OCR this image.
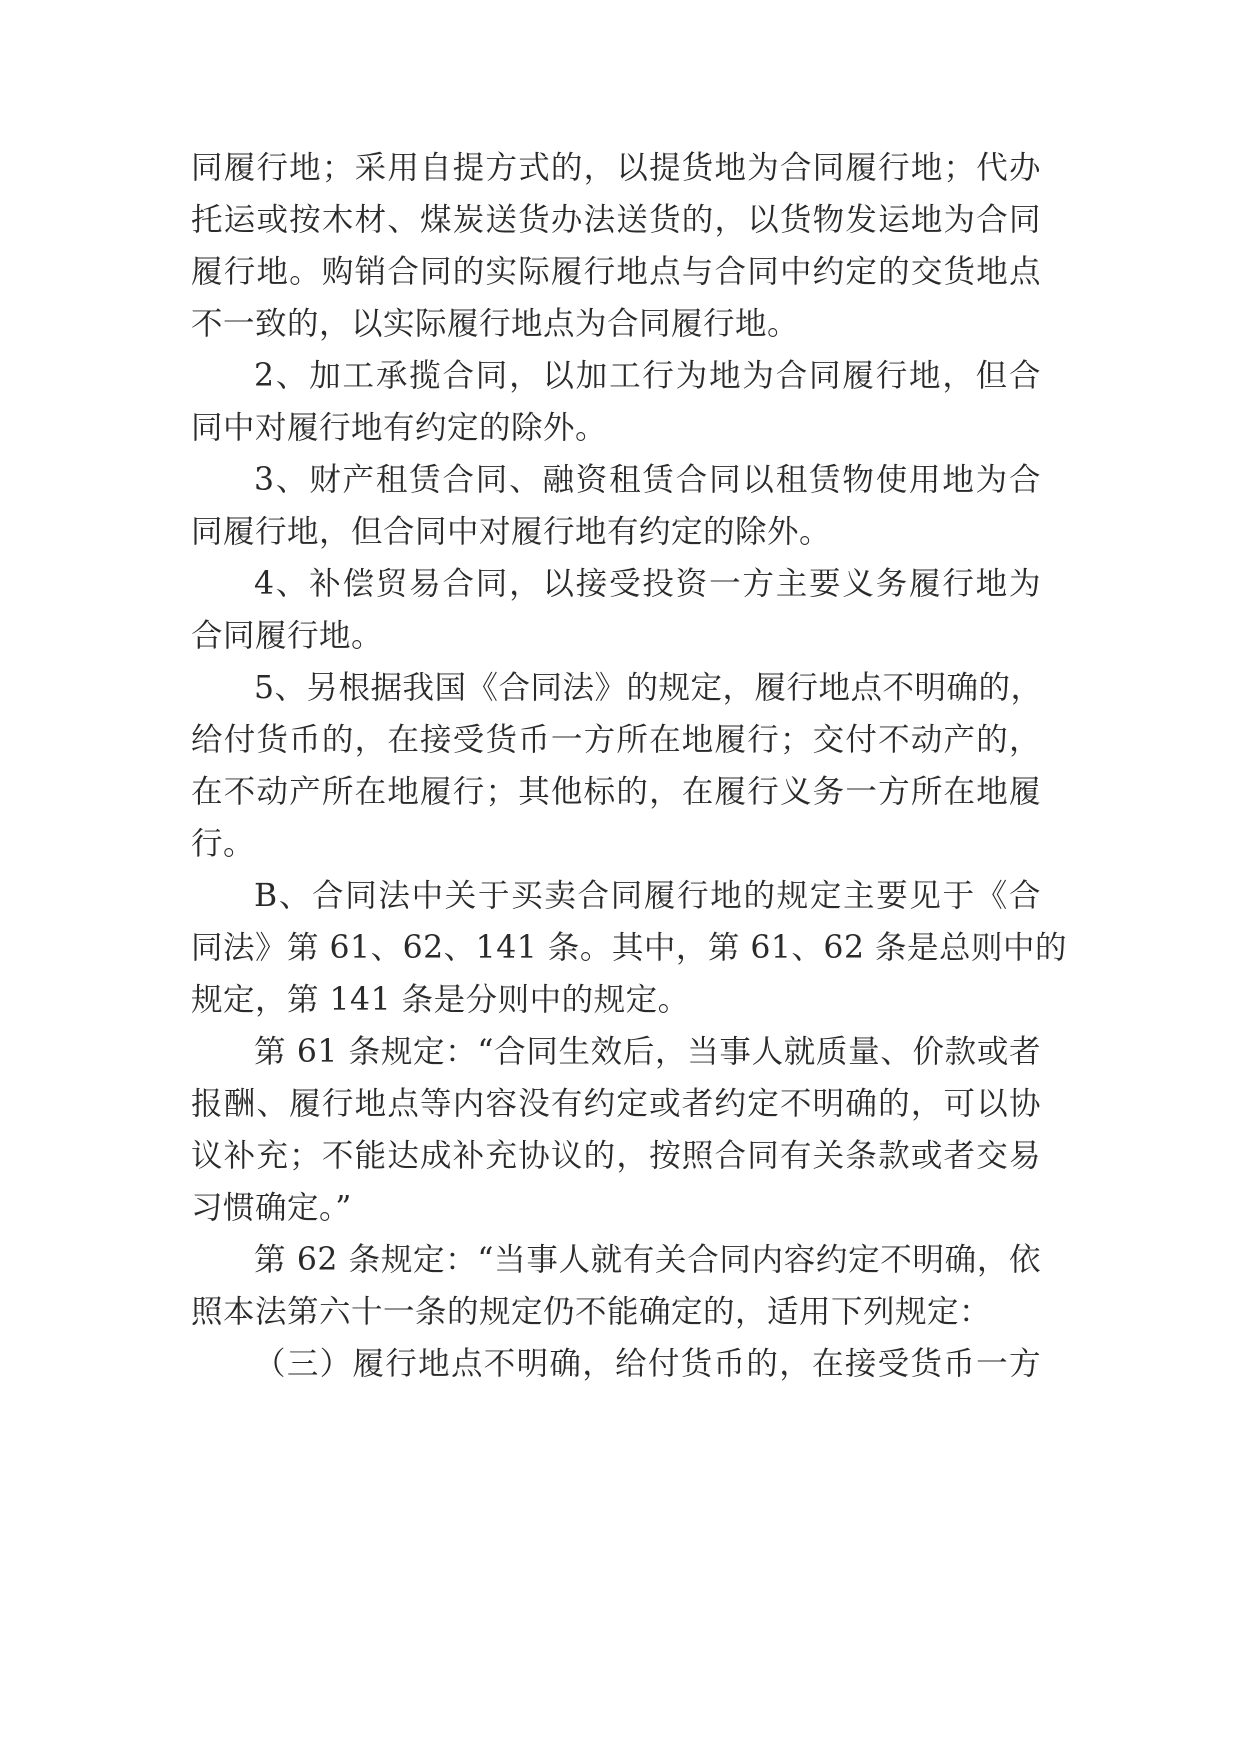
同履行地；采用自提方式的，以提货地为合同履行地；代办
托运或按木材、煤炭送货办法送货的，以货物发运地为合同
履行地。购销合同的实际履行地点与合同中约定的交货地点
不一致的，以实际履行地点为合同履行地。
2、加工承揽合同，以加工行为地为合同履行地，但合
同中对履行地有约定的除外。
3、财产租赁合同、融资租赁合同以租赁物使用地为合
同履行地，但合同中对履行地有约定的除外。
4、补偿贸易合同，以接受投资一方主要义务履行地为
合同履行地。
5、另根据我国《合同法》的规定，履行地点不明确的，
给付货币的，在接受货币一方所在地履行；交付不动产的，
在不动产所在地履行；其他标的，在履行义务一方所在地履
行。
B、合同法中关于买卖合同履行地的规定主要见于《合
同法》第 61、62、141 条。其中，第 61、62 条是总则中的
规定，第 141 条是分则中的规定。
第 61 条规定：“合同生效后，当事人就质量、价款或者
报酬、履行地点等内容没有约定或者约定不明确的，可以协
议补充；不能达成补充协议的，按照合同有关条款或者交易
习惯确定。”
第 62 条规定：“当事人就有关合同内容约定不明确，依
照本法第六十一条的规定仍不能确定的，适用下列规定：
（三）履行地点不明确，给付货币的，在接受货币一方
